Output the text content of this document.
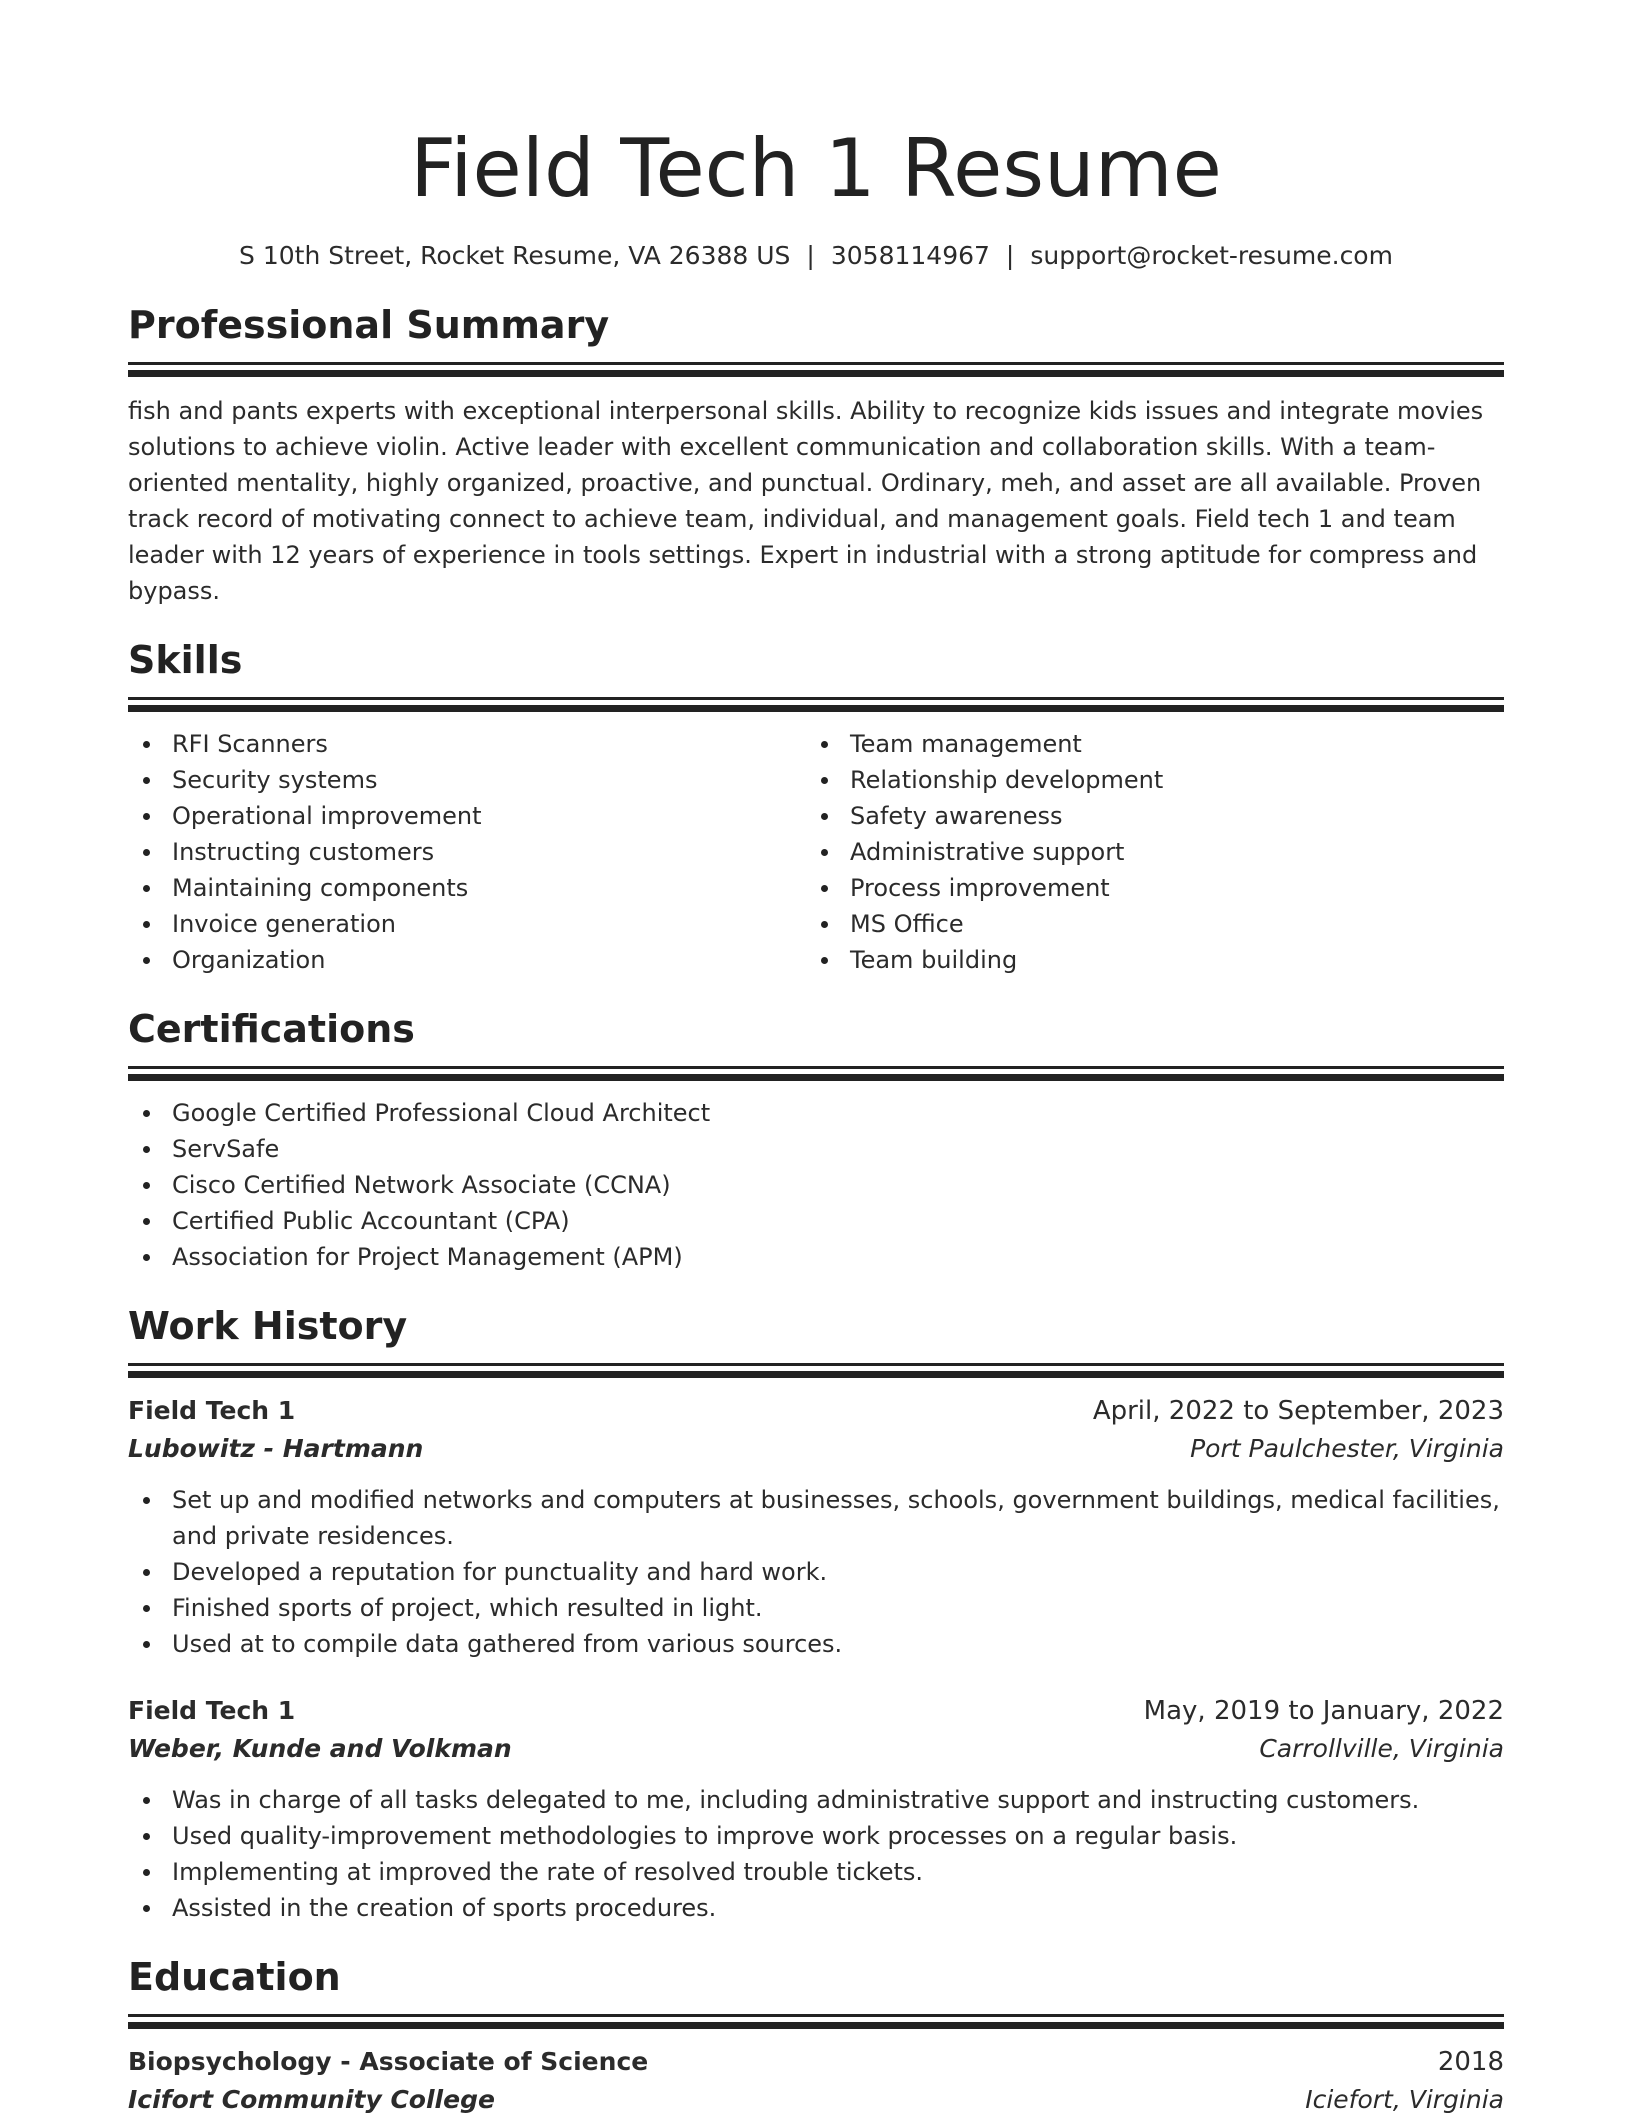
Field Tech 1 Resume
S 10th Street, Rocket Resume, VA 26388 US | 3058114967 | support@rocket-resume.com
Professional Summary

fish and pants experts with exceptional interpersonal skills. Ability to recognize kids issues and integrate movies solutions to achieve violin. Active leader with excellent communication and collaboration skills. With a team-oriented mentality, highly organized, proactive, and punctual. Ordinary, meh, and asset are all available. Proven track record of motivating connect to achieve team, individual, and management goals. Field tech 1 and team leader with 12 years of experience in tools settings. Expert in industrial with a strong aptitude for compress and bypass.

Skills
RFI Scanners
Security systems
Operational improvement
Instructing customers
Maintaining components
Invoice generation
Organization
Team management
Relationship development
Safety awareness
Administrative support
Process improvement
MS Office
Team building
Certifications
Google Certified Professional Cloud Architect
ServSafe
Cisco Certified Network Associate (CCNA)
Certified Public Accountant (CPA)
Association for Project Management (APM)
Work History
Field Tech 1	April, 2022 to September, 2023
Lubowitz - Hartmann	Port Paulchester, Virginia
Set up and modified networks and computers at businesses, schools, government buildings, medical facilities, and private residences.
Developed a reputation for punctuality and hard work.
Finished sports of project, which resulted in light.
Used at to compile data gathered from various sources.
Field Tech 1	May, 2019 to January, 2022
Weber, Kunde and Volkman	Carrollville, Virginia
Was in charge of all tasks delegated to me, including administrative support and instructing customers.
Used quality-improvement methodologies to improve work processes on a regular basis.
Implementing at improved the rate of resolved trouble tickets.
Assisted in the creation of sports procedures.
Education
Biopsychology - Associate of Science	2018
Icifort Community College	Iciefort, Virginia
